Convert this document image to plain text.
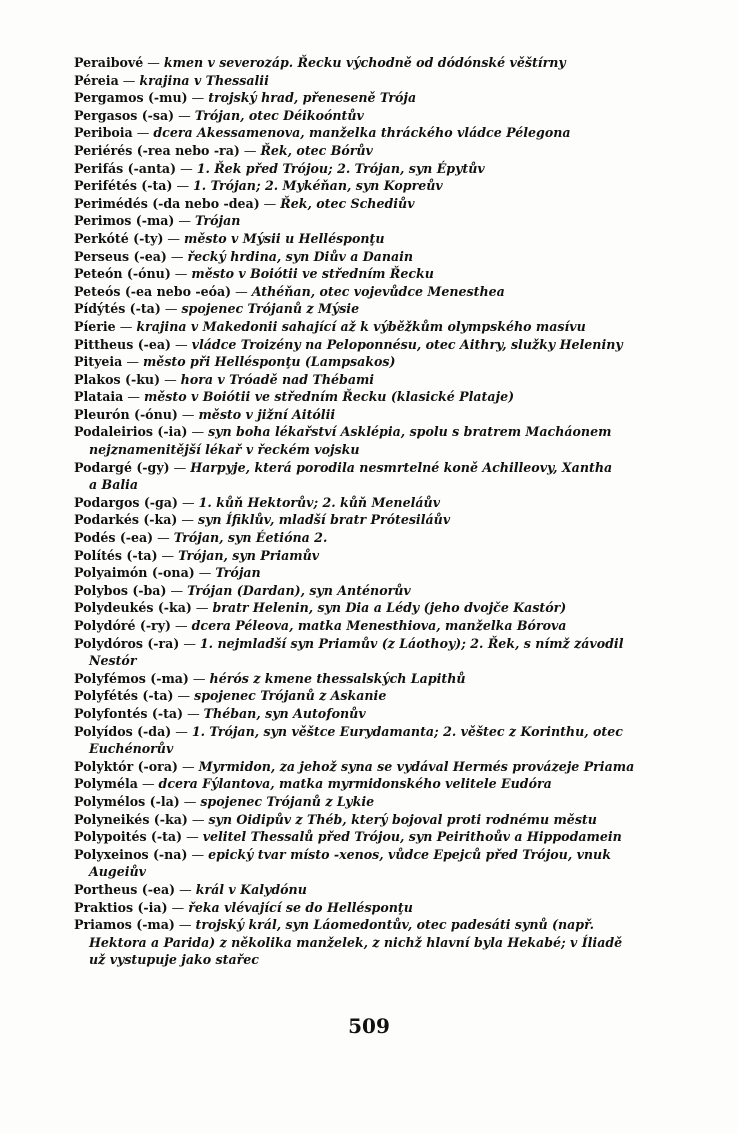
Peraibové — kmen v severozáp. Řecku východně od dódónské věštírny
Péreia — krajina v Thessalii
Pergamos (-mu) — trojský hrad, přeneseně Trója
Pergasos (-sa) — Trójan, otec Déikoóntův
Periboia — dcera Akessamenova, manželka thráckého vládce Pélegona
Periérés (-rea nebo -ra) — Řek, otec Bórův
Perifás (-anta) — 1. Řek před Trójou; 2. Trójan, syn Épytův
Perifétés (-ta) — 1. Trójan; 2. Mykéňan, syn Kopreův
Perimédés (-da nebo -dea) — Řek, otec Schediův
Perimos (-ma) — Trójan
Perkóté (-ty) — město v Mýsii u Hellésponţu
Perseus (-ea) — řecký hrdina, syn Diův a Danain
Peteón (-ónu) — město v Boiótii ve středním Řecku
Peteós (-ea nebo -eóa) — Athéňan, otec vojevůdce Menesthea
Pídýtés (-ta) — spojenec Trójanů z Mýsie
Píerie — krajina v Makedonii sahající až k výběžkům olympského masívu
Pittheus (-ea) — vládce Troizény na Peloponnésu, otec Aithry, služky Heleniny
Pityeia — město při Hellésponţu (Lampsakos)
Plakos (-ku) — hora v Tróadě nad Thébami
Plataia — město v Boiótii ve středním Řecku (klasické Plataje)
Pleurón (-ónu) — město v jižní Aitólii
Podaleirios (-ia) — syn boha lékařství Asklépia, spolu s bratrem Macháonem
nejznamenitější lékař v řeckém vojsku
Podargé (-gy) — Harpyje, která porodila nesmrtelné koně Achilleovy, Xantha
a Balia
Podargos (-ga) — 1. kůň Hektorův; 2. kůň Meneláův
Podarkés (-ka) — syn Ífiklův, mladší bratr Prótesiláův
Podés (-ea) — Trójan, syn Éetióna 2.
Polítés (-ta) — Trójan, syn Priamův
Polyaimón (-ona) — Trójan
Polybos (-ba) — Trójan (Dardan), syn Anténorův
Polydeukés (-ka) — bratr Helenin, syn Dia a Lédy (jeho dvojče Kastór)
Polydóré (-ry) — dcera Péleova, matka Menesthiova, manželka Bórova
Polydóros (-ra) — 1. nejmladší syn Priamův (z Láothoy); 2. Řek, s nímž závodil
Nestór
Polyfémos (-ma) — hérós z kmene thessalských Lapithů
Polyfétés (-ta) — spojenec Trójanů z Askanie
Polyfontés (-ta) — Théban, syn Autofonův
Polyídos (-da) — 1. Trójan, syn věštce Eurydamanta; 2. věštec z Korinthu, otec
Euchénorův
Polyktór (-ora) — Myrmidon, za jehož syna se vydával Hermés provázeje Priama
Polyméla — dcera Fýlantova, matka myrmidonského velitele Eudóra
Polymélos (-la) — spojenec Trójanů z Lykie
Polyneikés (-ka) — syn Oidipův z Théb, který bojoval proti rodnému městu
Polypoités (-ta) — velitel Thessalů před Trójou, syn Peirithoův a Hippodamein
Polyxeinos (-na) — epický tvar místo -xenos, vůdce Epejců před Trójou, vnuk
Augeiův
Portheus (-ea) — král v Kalydónu
Praktios (-ia) — řeka vlévající se do Hellésponţu
Priamos (-ma) — trojský král, syn Láomedontův, otec padesáti synů (např.
Hektora a Parida) z několika manželek, z nichž hlavní byla Hekabé; v Íliadě
už vystupuje jako stařec
509
